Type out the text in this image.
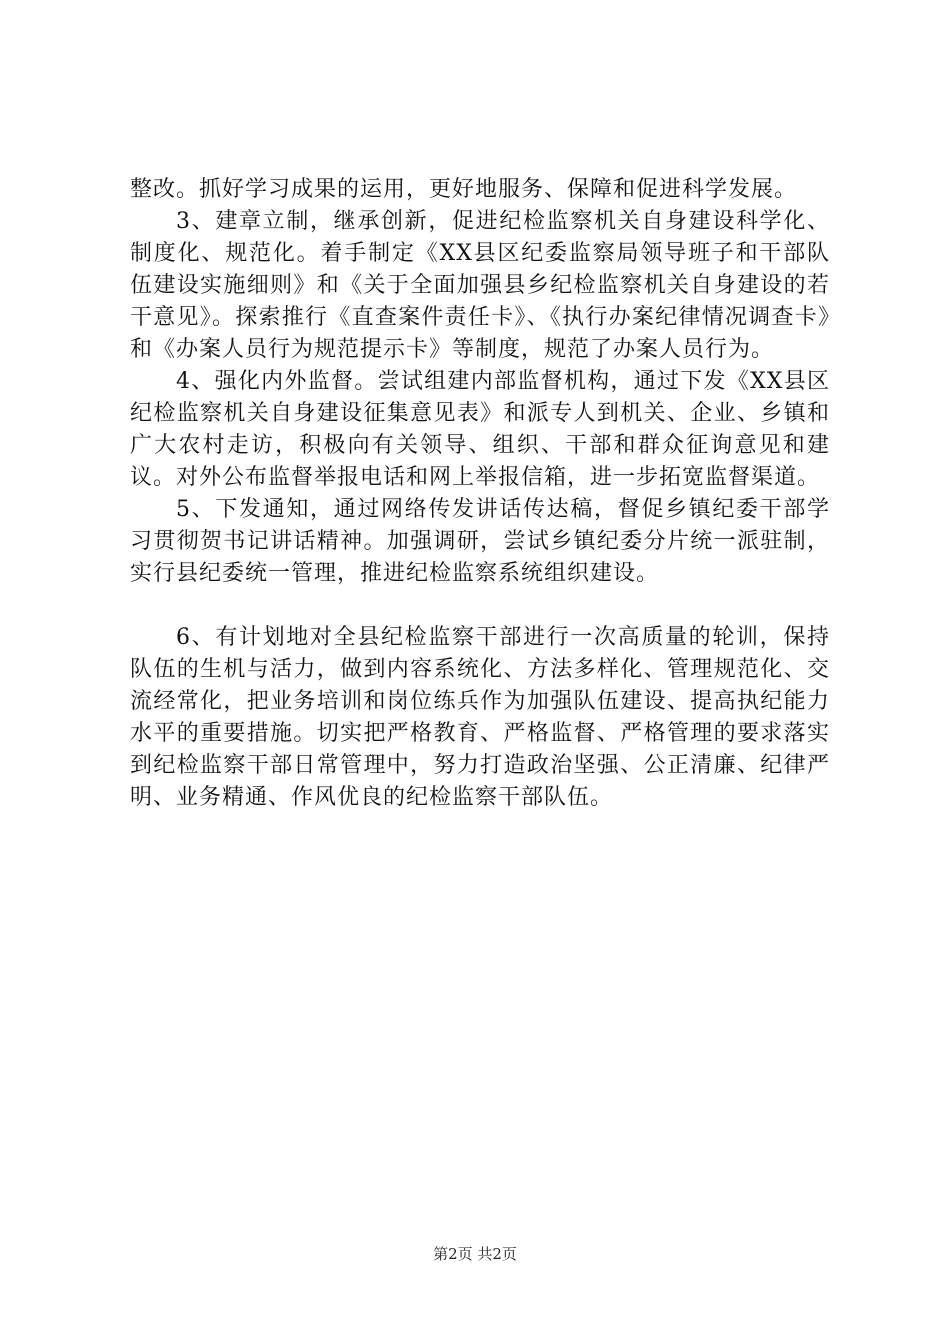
整改。抓好学习成果的运用，更好地服务、保障和促进科学发展。

3、建章立制，继承创新，促进纪检监察机关自身建设科学化、制度化、规范化。着手制定《XX县区纪委监察局领导班子和干部队伍建设实施细则》和《关于全面加强县乡纪检监察机关自身建设的若干意见》。探索推行《直查案件责任卡》、《执行办案纪律情况调查卡》和《办案人员行为规范提示卡》等制度，规范了办案人员行为。

4、强化内外监督。尝试组建内部监督机构，通过下发《XX县区纪检监察机关自身建设征集意见表》和派专人到机关、企业、乡镇和广大农村走访，积极向有关领导、组织、干部和群众征询意见和建议。对外公布监督举报电话和网上举报信箱，进一步拓宽监督渠道。

5、下发通知，通过网络传发讲话传达稿，督促乡镇纪委干部学习贯彻贺书记讲话精神。加强调研，尝试乡镇纪委分片统一派驻制，实行县纪委统一管理，推进纪检监察系统组织建设。

6、有计划地对全县纪检监察干部进行一次高质量的轮训，保持队伍的生机与活力，做到内容系统化、方法多样化、管理规范化、交流经常化，把业务培训和岗位练兵作为加强队伍建设、提高执纪能力水平的重要措施。切实把严格教育、严格监督、严格管理的要求落实到纪检监察干部日常管理中，努力打造政治坚强、公正清廉、纪律严明、业务精通、作风优良的纪检监察干部队伍。

第2页 共2页
